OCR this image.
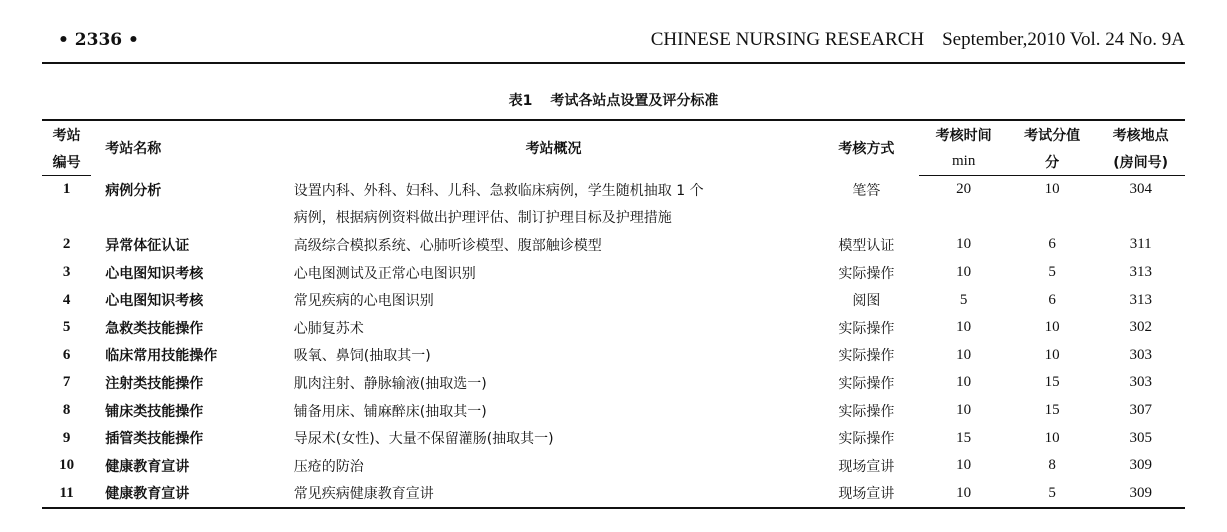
• 2336 •	CHINESE NURSING RESEARCH September,2010 Vol. 24 No. 9A
表1 考试各站点设置及评分标准
考站	考站名称	考站概况	考核方式	考核时间	考试分值	考核地点
编号				min	分	(房间号)
1	病例分析	设置内科、外科、妇科、儿科、急救临床病例，学生随机抽取 1 个	笔答	20	10	304
		病例，根据病例资料做出护理评估、制订护理目标及护理措施				
2	异常体征认证	高级综合模拟系统、心肺听诊模型、腹部触诊模型	模型认证	10	6	311
3	心电图知识考核	心电图测试及正常心电图识别	实际操作	10	5	313
4	心电图知识考核	常见疾病的心电图识别	阅图	5	6	313
5	急救类技能操作	心肺复苏术	实际操作	10	10	302
6	临床常用技能操作	吸氧、鼻饲(抽取其一)	实际操作	10	10	303
7	注射类技能操作	肌肉注射、静脉输液(抽取选一)	实际操作	10	15	303
8	铺床类技能操作	铺备用床、铺麻醉床(抽取其一)	实际操作	10	15	307
9	插管类技能操作	导尿术(女性)、大量不保留灌肠(抽取其一)	实际操作	15	10	305
10	健康教育宣讲	压疮的防治	现场宣讲	10	8	309
11	健康教育宣讲	常见疾病健康教育宣讲	现场宣讲	10	5	309
